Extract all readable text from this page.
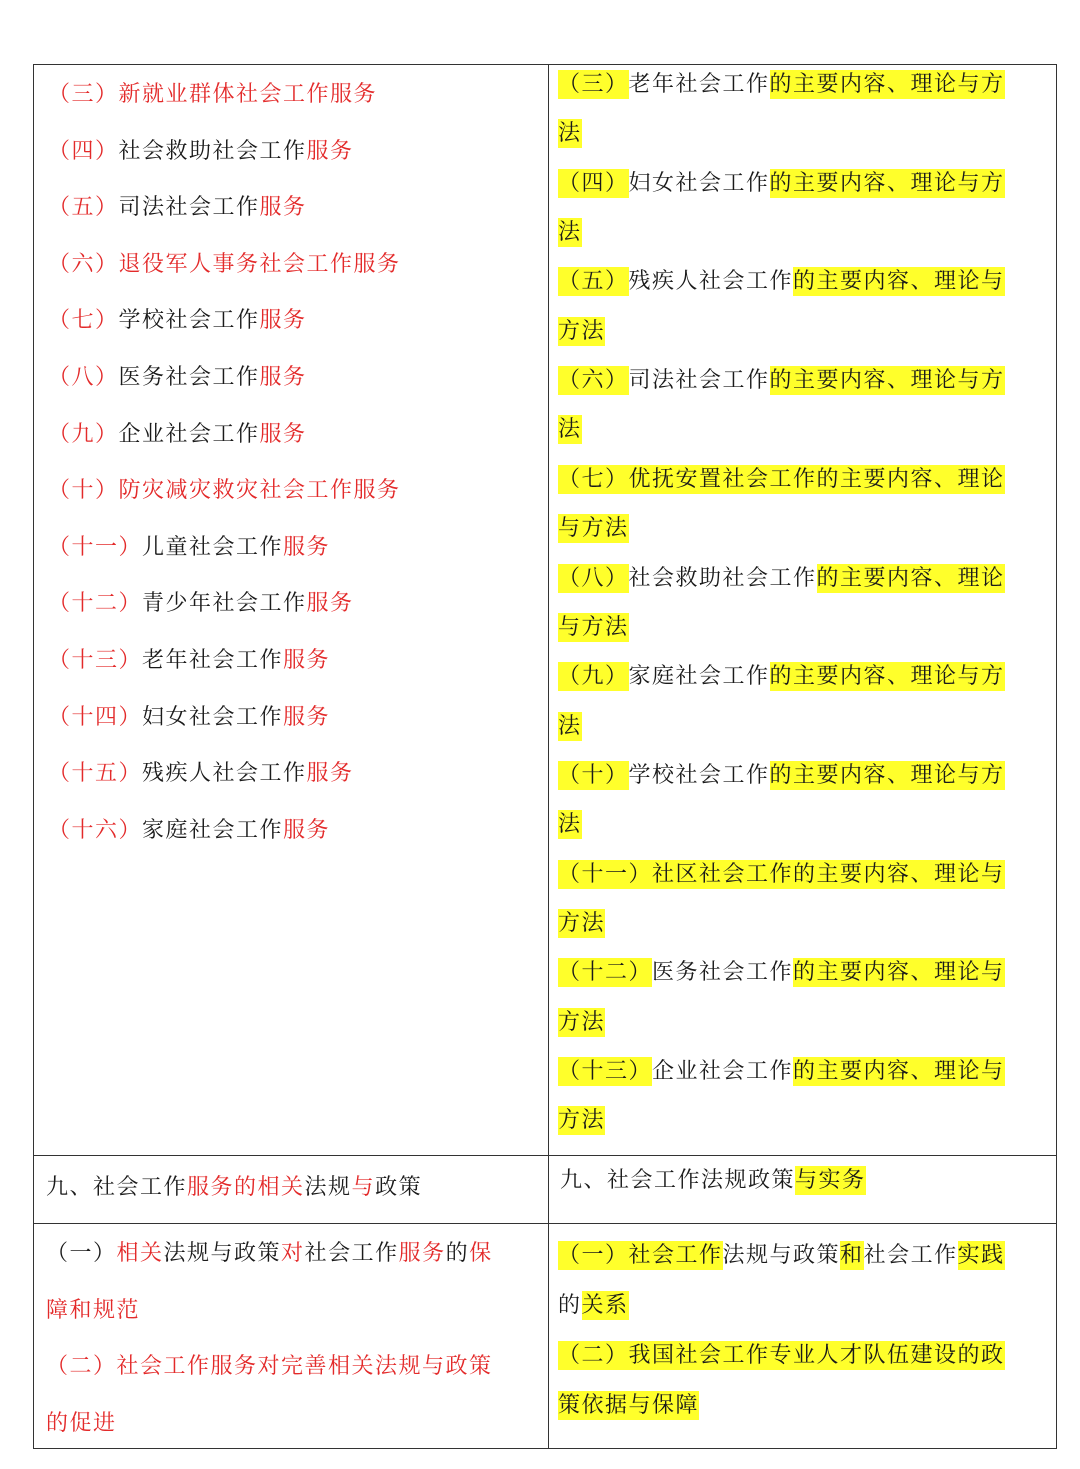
（三）新就业群体社会工作服务
（四）社会救助社会工作服务
（五）司法社会工作服务
（六）退役军人事务社会工作服务
（七）学校社会工作服务
（八）医务社会工作服务
（九）企业社会工作服务
（十）防灾减灾救灾社会工作服务
（十一）儿童社会工作服务
（十二）青少年社会工作服务
（十三）老年社会工作服务
（十四）妇女社会工作服务
（十五）残疾人社会工作服务
（十六）家庭社会工作服务
（三）老年社会工作的主要内容、理论与方
法
（四）妇女社会工作的主要内容、理论与方
法
（五）残疾人社会工作的主要内容、理论与
方法
（六）司法社会工作的主要内容、理论与方
法
（七）优抚安置社会工作的主要内容、理论
与方法
（八）社会救助社会工作的主要内容、理论
与方法
（九）家庭社会工作的主要内容、理论与方
法
（十）学校社会工作的主要内容、理论与方
法
（十一）社区社会工作的主要内容、理论与
方法
（十二）医务社会工作的主要内容、理论与
方法
（十三）企业社会工作的主要内容、理论与
方法
九、社会工作服务的相关法规与政策	九、社会工作法规政策与实务
（一）相关法规与政策对社会工作服务的保
障和规范
（二）社会工作服务对完善相关法规与政策
的促进
（一）社会工作法规与政策和社会工作实践
的关系
（二）我国社会工作专业人才队伍建设的政
策依据与保障
